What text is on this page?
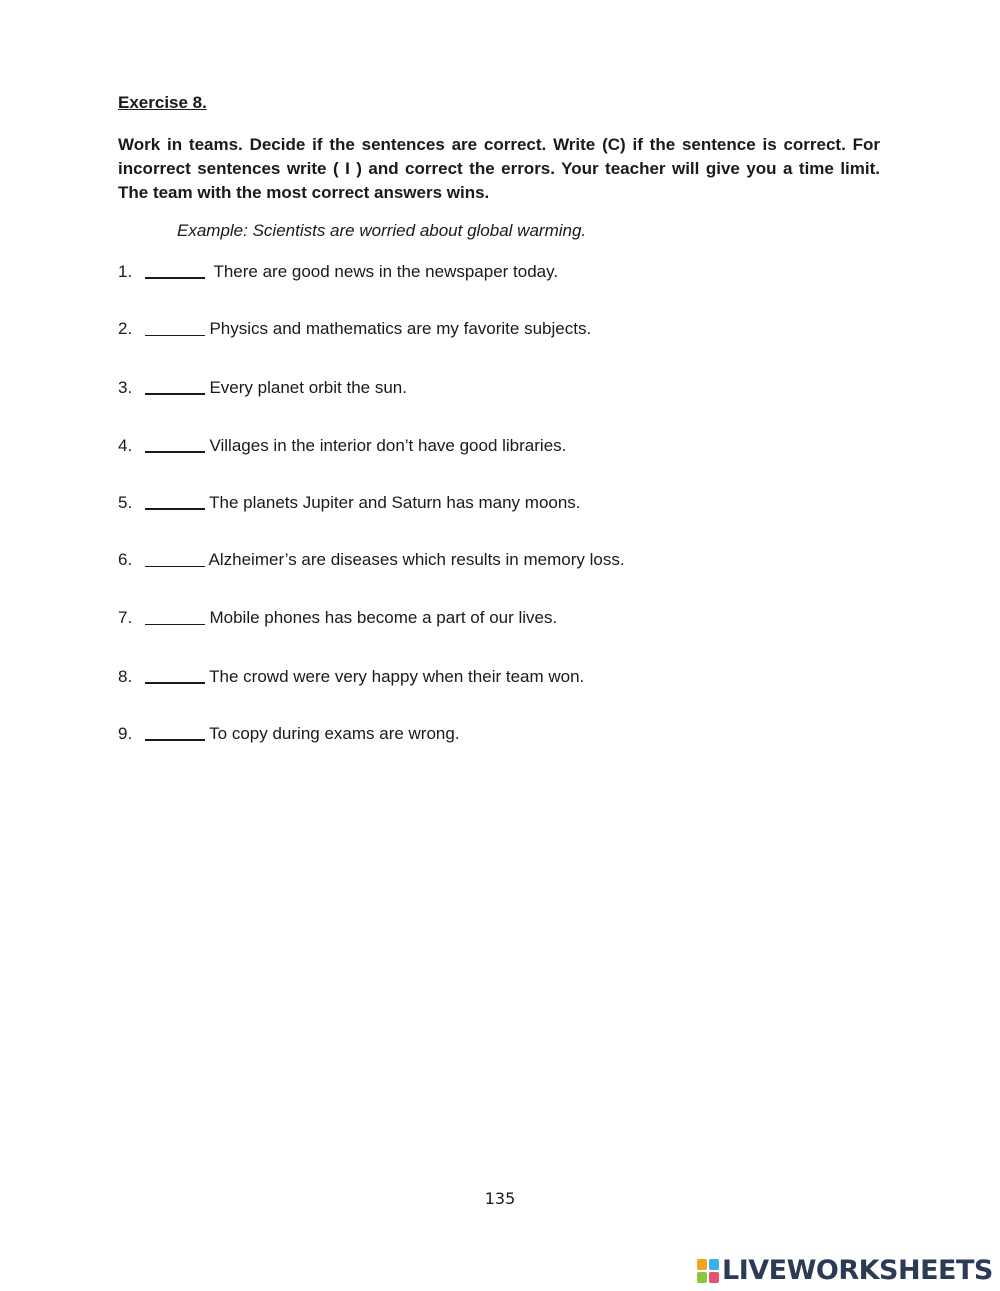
Exercise 8.
Work in teams. Decide if the sentences are correct. Write (C) if the sentence is correct. For incorrect sentences write ( I ) and correct the errors. Your teacher will give you a time limit. The team with the most correct answers wins.
Example: Scientists are worried about global warming.
1.	There are good news in the newspaper today.
2.	Physics and mathematics are my favorite subjects.
3.	Every planet orbit the sun.
4.	Villages in the interior don’t have good libraries.
5.	The planets Jupiter and Saturn has many moons.
6.	Alzheimer’s are diseases which results in memory loss.
7.	Mobile phones has become a part of our lives.
8.	The crowd were very happy when their team won.
9.	To copy during exams are wrong.
135
LIVEWORKSHEETS
